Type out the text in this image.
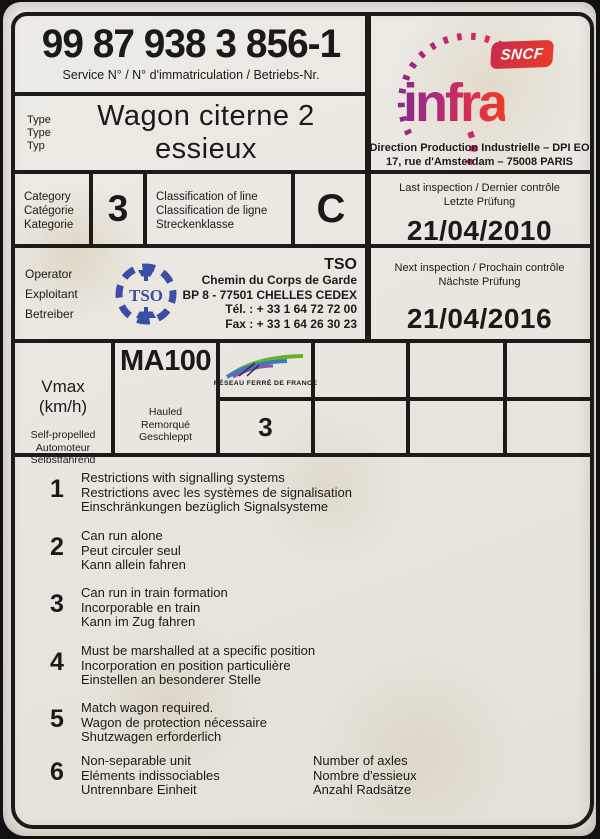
99 87 938 3 856-1
Service N° / N° d'immatriculation / Betriebs-Nr.
SNCF
infra
Direction Production Industrielle – DPI EO
17, rue d'Amsterdam – 75008 PARIS
Type
Type
Typ
Wagon citerne 2 essieux
Category
Catégorie
Kategorie 3	Classification of line
Classification de ligne
Streckenklasse	C	Last inspection / Dernier contrôle
Letzte Prüfung
21/04/2010
Operator
Exploitant
Betreiber
TSO
TSO
Chemin du Corps de Garde
BP 8 - 77501 CHELLES CEDEX
Tél. : + 33 1 64 72 72 00
Fax : + 33 1 64 26 30 23
Next inspection / Prochain contrôle
Nächste Prüfung
21/04/2016
Vmax (km/h)
Self-propelled
Automoteur
Selbstfahrend
MA100
Hauled
Remorqué
Geschleppt
RÉSEAU FERRÉ DE FRANCE
3
1	Restrictions with signalling systems
Restrictions avec les systèmes de signalisation
Einschränkungen bezüglich Signalsysteme
2	Can run alone
Peut circuler seul
Kann allein fahren
3	Can run in train formation
Incorporable en train
Kann im Zug fahren
4	Must be marshalled at a specific position
Incorporation en position particulière
Einstellen an besonderer Stelle
5	Match wagon required.
Wagon de protection nécessaire
Shutzwagen erforderlich
6	Non-separable unit
Eléments indissociables
Untrennbare Einheit
Number of axles
Nombre d'essieux
Anzahl Radsätze
